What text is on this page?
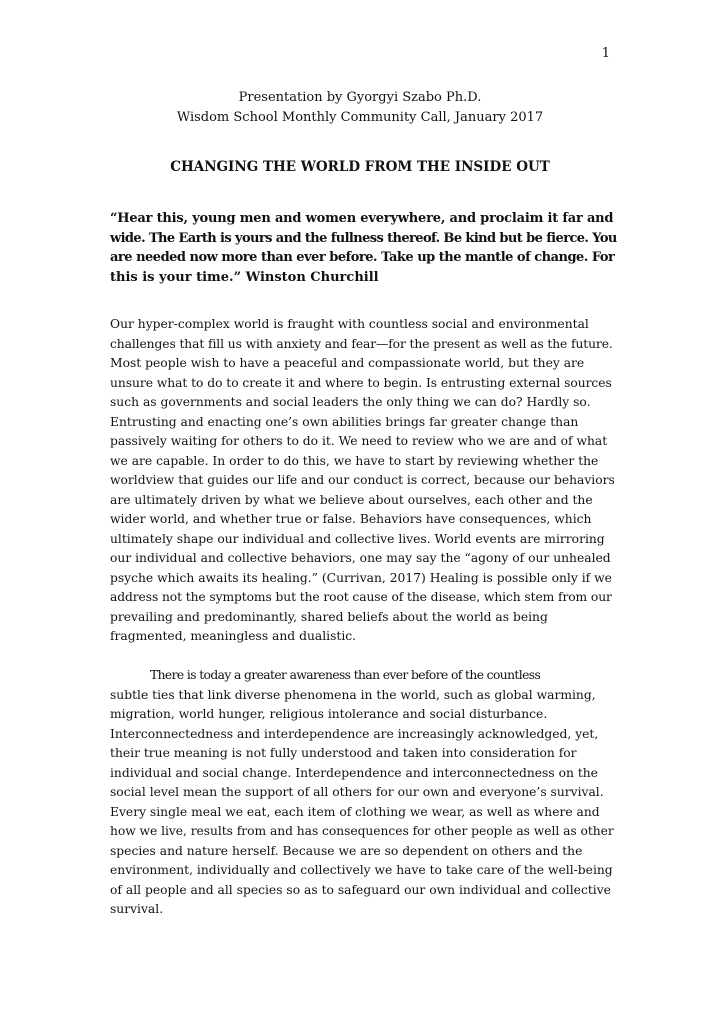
1
Presentation by Gyorgyi Szabo Ph.D.
Wisdom School Monthly Community Call, January 2017
CHANGING THE WORLD FROM THE INSIDE OUT
“Hear this, young men and women everywhere, and proclaim it far and
wide. The Earth is yours and the fullness thereof. Be kind but be fierce. You
are needed now more than ever before. Take up the mantle of change. For
this is your time.” Winston Churchill
Our hyper-complex world is fraught with countless social and environmental
challenges that fill us with anxiety and fear—for the present as well as the future.
Most people wish to have a peaceful and compassionate world, but they are
unsure what to do to create it and where to begin. Is entrusting external sources
such as governments and social leaders the only thing we can do? Hardly so.
Entrusting and enacting one’s own abilities brings far greater change than
passively waiting for others to do it. We need to review who we are and of what
we are capable. In order to do this, we have to start by reviewing whether the
worldview that guides our life and our conduct is correct, because our behaviors
are ultimately driven by what we believe about ourselves, each other and the
wider world, and whether true or false. Behaviors have consequences, which
ultimately shape our individual and collective lives. World events are mirroring
our individual and collective behaviors, one may say the “agony of our unhealed
psyche which awaits its healing.” (Currivan, 2017) Healing is possible only if we
address not the symptoms but the root cause of the disease, which stem from our
prevailing and predominantly, shared beliefs about the world as being
fragmented, meaningless and dualistic.
There is today a greater awareness than ever before of the countless
subtle ties that link diverse phenomena in the world, such as global warming,
migration, world hunger, religious intolerance and social disturbance.
Interconnectedness and interdependence are increasingly acknowledged, yet,
their true meaning is not fully understood and taken into consideration for
individual and social change. Interdependence and interconnectedness on the
social level mean the support of all others for our own and everyone’s survival.
Every single meal we eat, each item of clothing we wear, as well as where and
how we live, results from and has consequences for other people as well as other
species and nature herself. Because we are so dependent on others and the
environment, individually and collectively we have to take care of the well-being
of all people and all species so as to safeguard our own individual and collective
survival.
